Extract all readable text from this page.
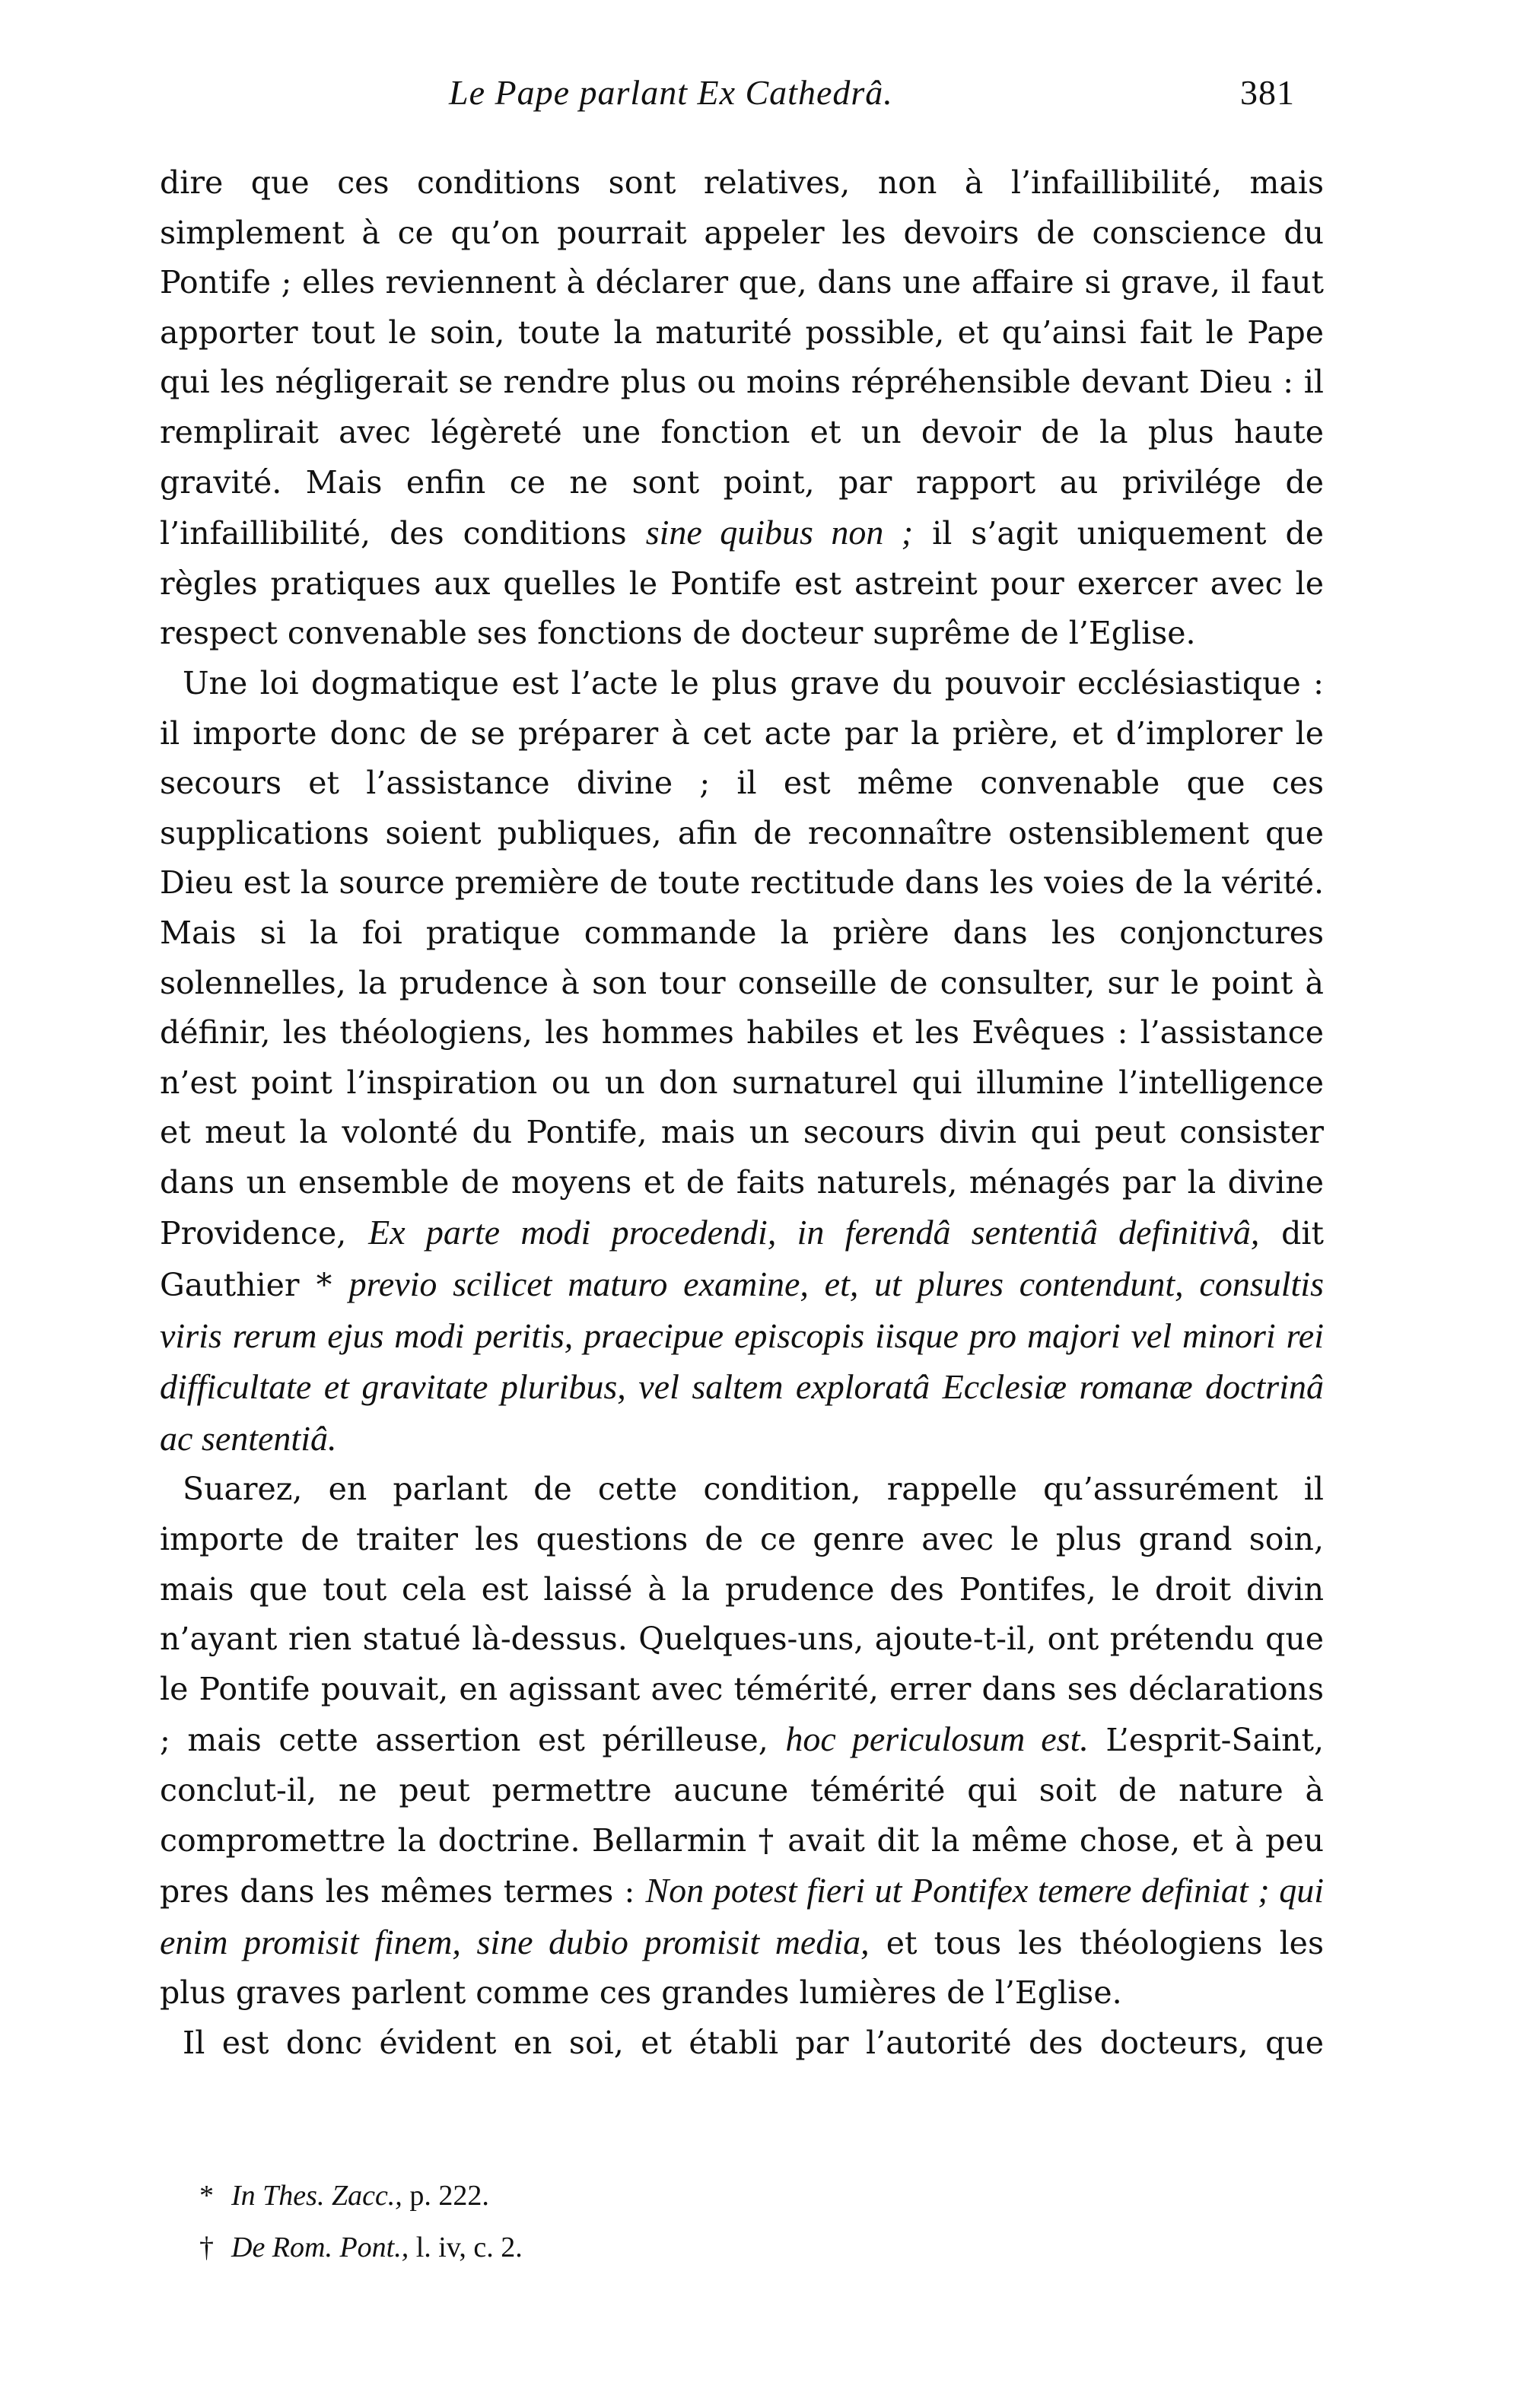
Le Pape parlant Ex Cathedrâ.	381

dire que ces conditions sont relatives, non à l’infaillibilité, mais simplement à ce qu’on pourrait appeler les devoirs de conscience du Pontife ; elles reviennent à déclarer que, dans une affaire si grave, il faut apporter tout le soin, toute la maturité possible, et qu’ainsi fait le Pape qui les négligerait se rendre plus ou moins répréhensible devant Dieu : il remplirait avec légèreté une fonction et un devoir de la plus haute gravité. Mais enfin ce ne sont point, par rapport au privilége de l’infaillibilité, des conditions sine quibus non ; il s’agit uniquement de règles pratiques aux quelles le Pontife est astreint pour exercer avec le respect convenable ses fonctions de docteur suprême de l’Eglise.

Une loi dogmatique est l’acte le plus grave du pouvoir ecclésiastique : il importe donc de se préparer à cet acte par la prière, et d’implorer le secours et l’assistance divine ; il est même convenable que ces supplications soient publiques, afin de reconnaître ostensiblement que Dieu est la source première de toute rectitude dans les voies de la vérité. Mais si la foi pratique commande la prière dans les conjonctures solennelles, la prudence à son tour conseille de consulter, sur le point à définir, les théologiens, les hommes habiles et les Evêques : l’assistance n’est point l’inspiration ou un don surnaturel qui illumine l’intelligence et meut la volonté du Pontife, mais un secours divin qui peut consister dans un ensemble de moyens et de faits naturels, ménagés par la divine Providence, Ex parte modi procedendi, in ferendâ sententiâ definitivâ, dit Gauthier * previo scilicet maturo examine, et, ut plures contendunt, consultis viris rerum ejus modi peritis, praecipue episcopis iisque pro majori vel minori rei difficultate et gravitate pluribus, vel saltem exploratâ Ecclesiæ romanæ doctrinâ ac sententiâ.

Suarez, en parlant de cette condition, rappelle qu’assurément il importe de traiter les questions de ce genre avec le plus grand soin, mais que tout cela est laissé à la prudence des Pontifes, le droit divin n’ayant rien statué là-dessus. Quelques-uns, ajoute-t-il, ont prétendu que le Pontife pouvait, en agissant avec témérité, errer dans ses déclarations ; mais cette assertion est périlleuse, hoc periculosum est. L’esprit-Saint, conclut-il, ne peut permettre aucune témérité qui soit de nature à compromettre la doctrine. Bellarmin † avait dit la même chose, et à peu pres dans les mêmes termes : Non potest fieri ut Pontifex temere definiat ; qui enim promisit finem, sine dubio promisit media, et tous les théologiens les plus graves parlent comme ces grandes lumières de l’Eglise.

Il est donc évident en soi, et établi par l’autorité des docteurs, que

* In Thes. Zacc., p. 222.

† De Rom. Pont., l. iv, c. 2.
